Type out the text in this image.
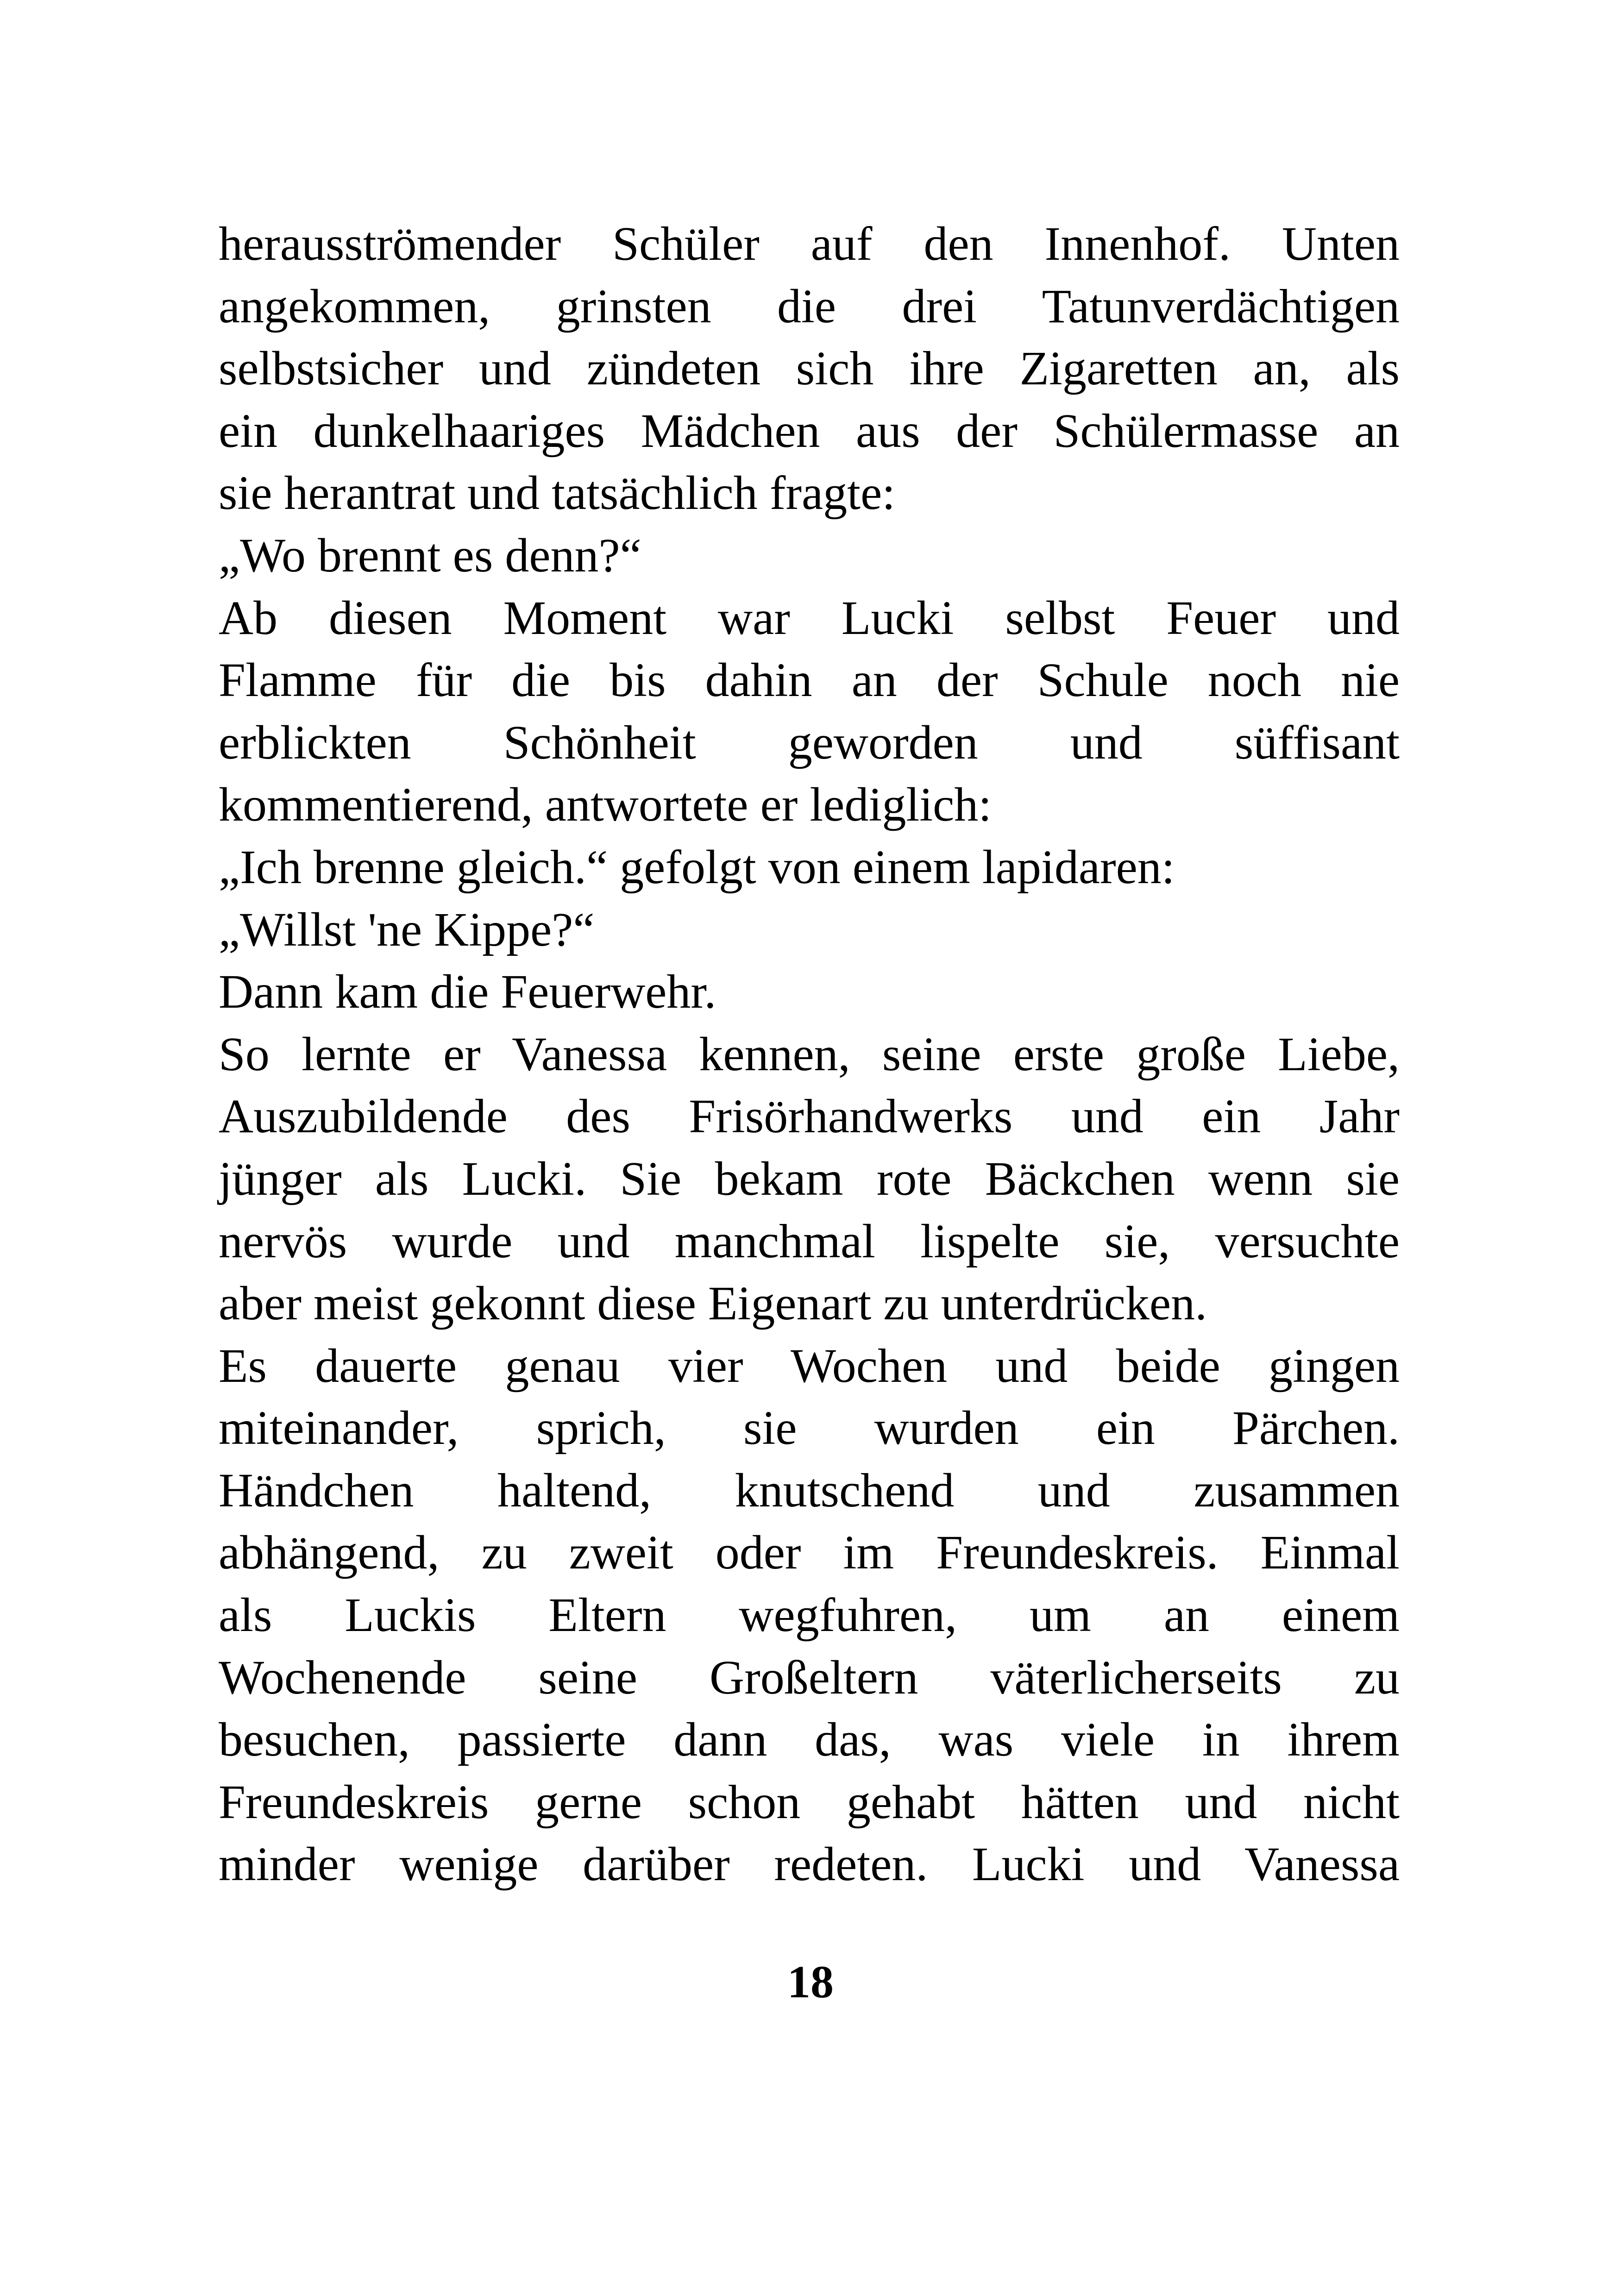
herausströmender Schüler auf den Innenhof. Unten
angekommen, grinsten die drei Tatunverdächtigen
selbstsicher und zündeten sich ihre Zigaretten an, als
ein dunkelhaariges Mädchen aus der Schülermasse an
sie herantrat und tatsächlich fragte:
„Wo brennt es denn?“
Ab diesen Moment war Lucki selbst Feuer und
Flamme für die bis dahin an der Schule noch nie
erblickten Schönheit geworden und süffisant
kommentierend, antwortete er lediglich:
„Ich brenne gleich.“ gefolgt von einem lapidaren:
„Willst 'ne Kippe?“
Dann kam die Feuerwehr.
So lernte er Vanessa kennen, seine erste große Liebe,
Auszubildende des Frisörhandwerks und ein Jahr
jünger als Lucki. Sie bekam rote Bäckchen wenn sie
nervös wurde und manchmal lispelte sie, versuchte
aber meist gekonnt diese Eigenart zu unterdrücken.
Es dauerte genau vier Wochen und beide gingen
miteinander, sprich, sie wurden ein Pärchen.
Händchen haltend, knutschend und zusammen
abhängend, zu zweit oder im Freundeskreis. Einmal
als Luckis Eltern wegfuhren, um an einem
Wochenende seine Großeltern väterlicherseits zu
besuchen, passierte dann das, was viele in ihrem
Freundeskreis gerne schon gehabt hätten und nicht
minder wenige darüber redeten. Lucki und Vanessa
18
